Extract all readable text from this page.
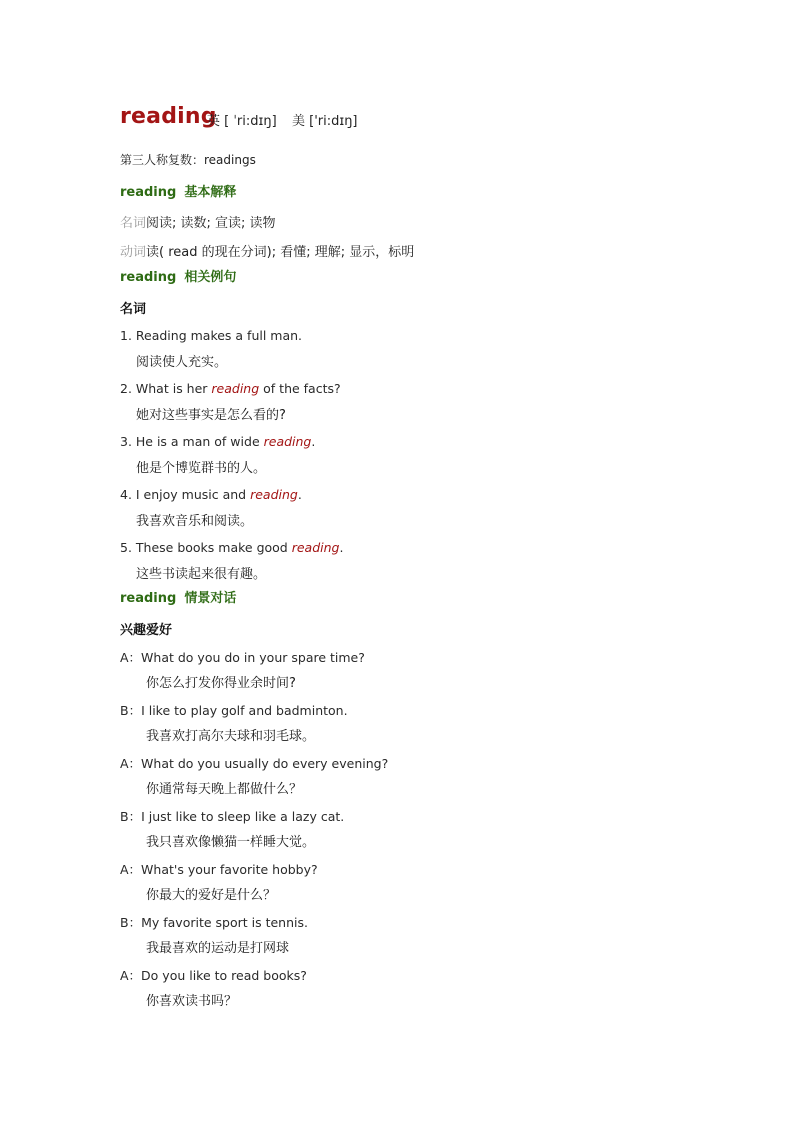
reading
英 [ ˈri:dɪŋ] 美 ['ri:dɪŋ]
第三人称复数：readings
reading 基本解释
名词阅读; 读数; 宣读; 读物
动词读( read 的现在分词); 看懂; 理解; 显示，标明
reading 相关例句
名词
1. Reading makes a full man.
阅读使人充实。
2. What is her reading of the facts?
她对这些事实是怎么看的?
3. He is a man of wide reading.
他是个博览群书的人。
4. I enjoy music and reading.
我喜欢音乐和阅读。
5. These books make good reading.
这些书读起来很有趣。
reading 情景对话
兴趣爱好
A：What do you do in your spare time?
你怎么打发你得业余时间?
B：I like to play golf and badminton.
我喜欢打高尔夫球和羽毛球。
A：What do you usually do every evening?
你通常每天晚上都做什么？
B：I just like to sleep like a lazy cat.
我只喜欢像懒猫一样睡大觉。
A：What's your favorite hobby?
你最大的爱好是什么？
B：My favorite sport is tennis.
我最喜欢的运动是打网球
A：Do you like to read books?
你喜欢读书吗？
